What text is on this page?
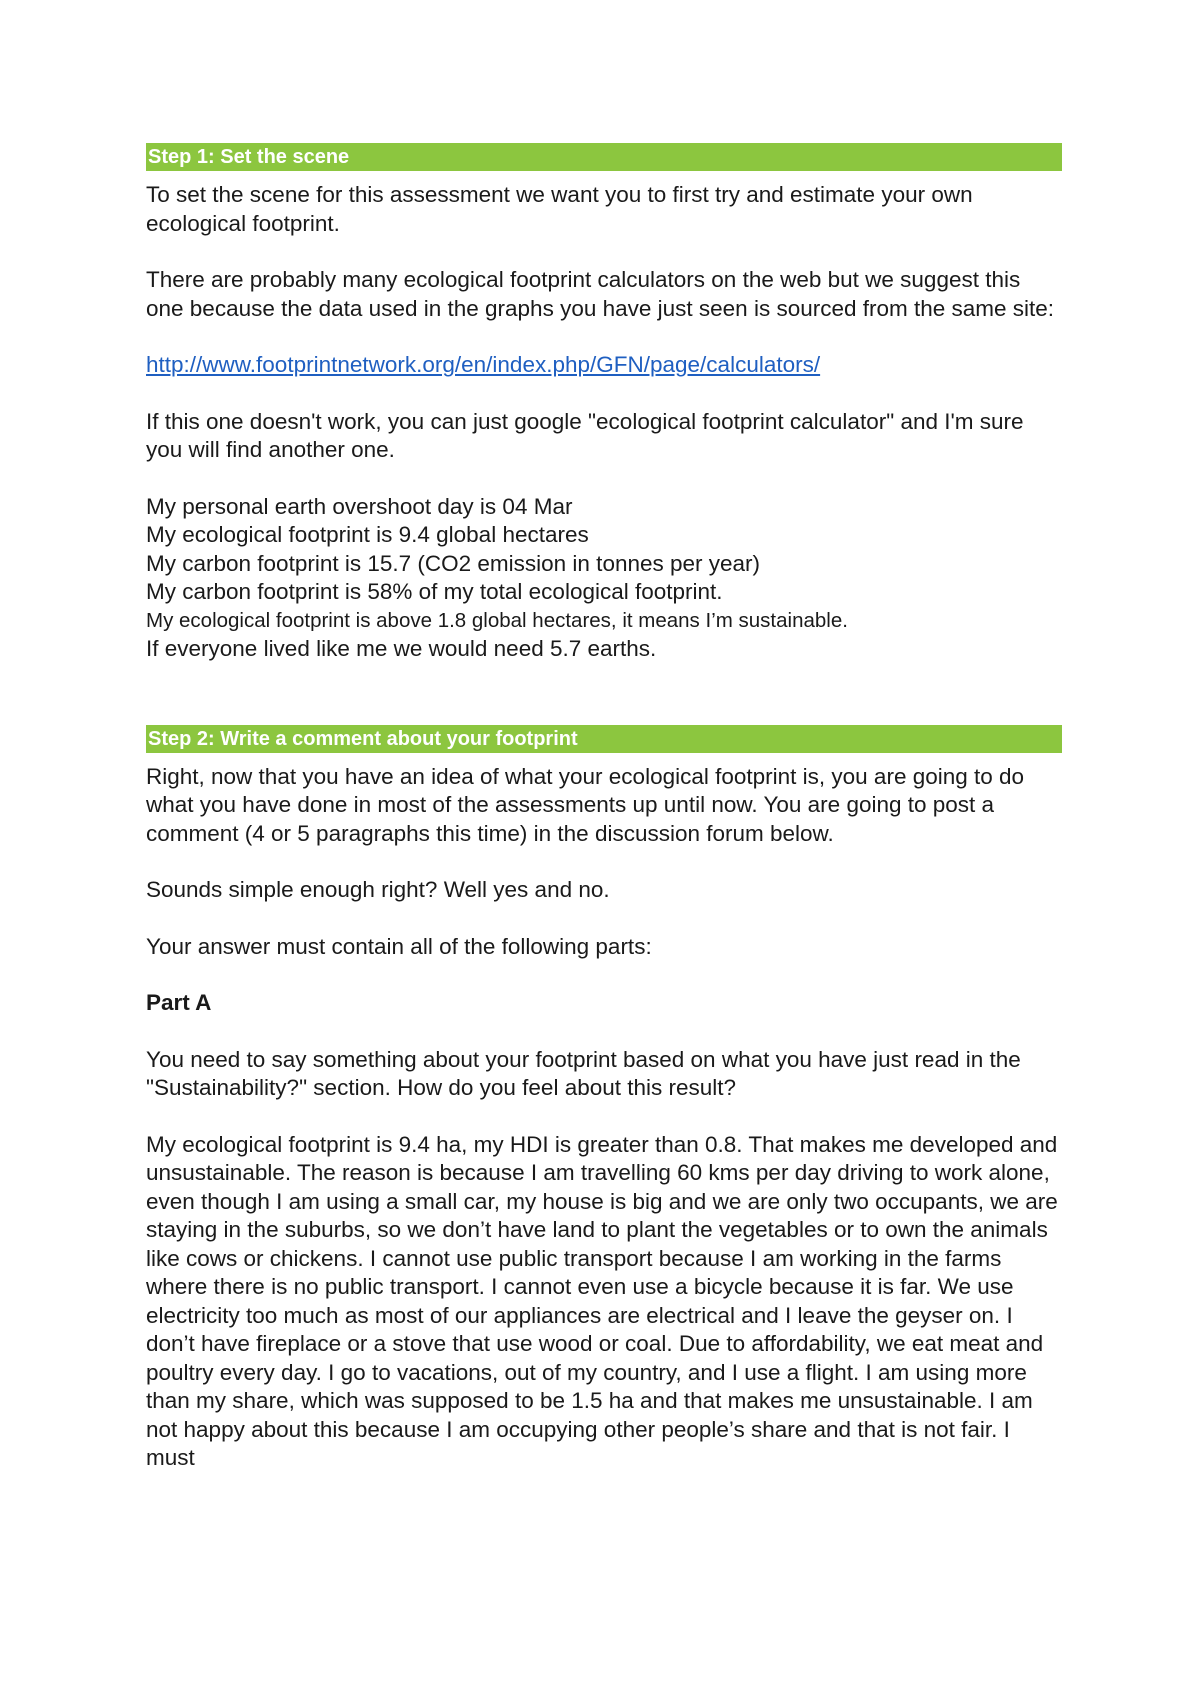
Step 1: Set the scene

To set the scene for this assessment we want you to first try and estimate your own ecological footprint.

There are probably many ecological footprint calculators on the web but we suggest this one because the data used in the graphs you have just seen is sourced from the same site:

http://www.footprintnetwork.org/en/index.php/GFN/page/calculators/

If this one doesn't work, you can just google "ecological footprint calculator" and I'm sure you will find another one.

My personal earth overshoot day is 04 Mar

My ecological footprint is 9.4 global hectares

My carbon footprint is 15.7 (CO2 emission in tonnes per year)

My carbon footprint is 58% of my total ecological footprint.

My ecological footprint is above 1.8 global hectares, it means I’m sustainable.

If everyone lived like me we would need 5.7 earths.

Step 2: Write a comment about your footprint

Right, now that you have an idea of what your ecological footprint is, you are going to do what you have done in most of the assessments up until now. You are going to post a comment (4 or 5 paragraphs this time) in the discussion forum below.

Sounds simple enough right? Well yes and no.

Your answer must contain all of the following parts:

Part A

You need to say something about your footprint based on what you have just read in the "Sustainability?" section. How do you feel about this result?

My ecological footprint is 9.4 ha, my HDI is greater than 0.8. That makes me developed and unsustainable. The reason is because I am travelling 60 kms per day driving to work alone, even though I am using a small car, my house is big and we are only two occupants, we are staying in the suburbs, so we don’t have land to plant the vegetables or to own the animals like cows or chickens. I cannot use public transport because I am working in the farms where there is no public transport. I cannot even use a bicycle because it is far. We use electricity too much as most of our appliances are electrical and I leave the geyser on. I don’t have fireplace or a stove that use wood or coal. Due to affordability, we eat meat and poultry every day. I go to vacations, out of my country, and I use a flight. I am using more than my share, which was supposed to be 1.5 ha and that makes me unsustainable. I am not happy about this because I am occupying other people’s share and that is not fair. I must
